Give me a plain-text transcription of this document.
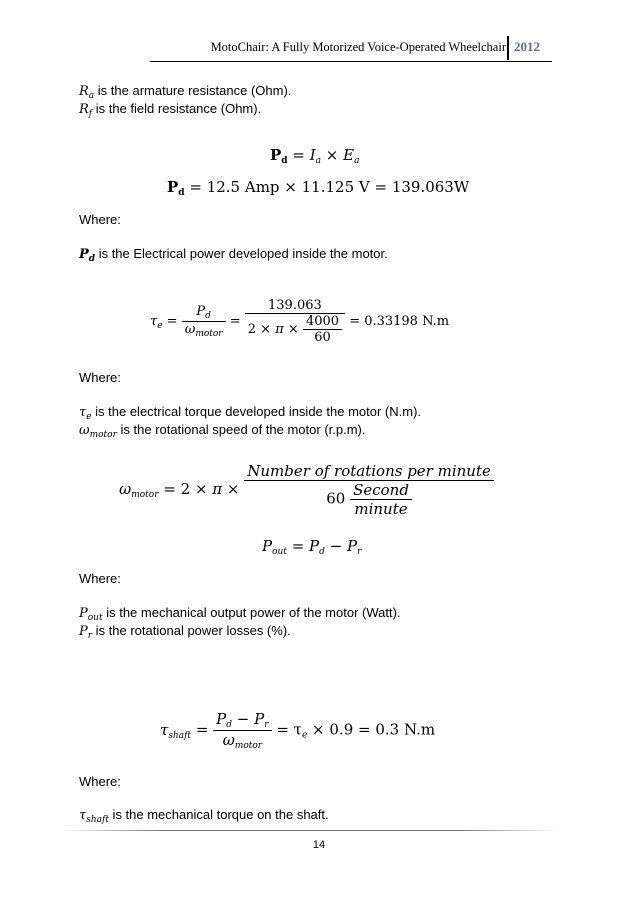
MotoChair: A Fully Motorized Voice-Operated Wheelchair 2012
$R_a$ is the armature resistance (Ohm).
$R_f$ is the field resistance (Ohm).
$P_d = I_a \times E_a$
$P_d = 12.5$ Amp × 11.125 V = 139.063W
Where:
$P_d$ is the Electrical power developed inside the motor.
$\tau_e = \frac{P_d}{\omega_{motor}} = \frac{139.063}{2 \times \pi \times \frac{4000}{60}} = 0.33198$ N.m
Where:
$\tau_e$ is the electrical torque developed inside the motor (N.m).
$\omega_{motor}$ is the rotational speed of the motor (r.p.m).
$\omega_{motor} = 2 \times \pi \times \frac{\text{Number of rotations per minute}}{60 \frac{\text{Second}}{\text{minute}}}$
$P_{out} = P_d - P_r$
Where:
$P_{out}$ is the mechanical output power of the motor (Watt).
$P_r$ is the rotational power losses (%).
$\tau_{shaft} = \frac{P_d - P_r}{\omega_{motor}} = \tau_e \times 0.9 = 0.3$ N.m
Where:
$\tau_{shaft}$ is the mechanical torque on the shaft.
14
